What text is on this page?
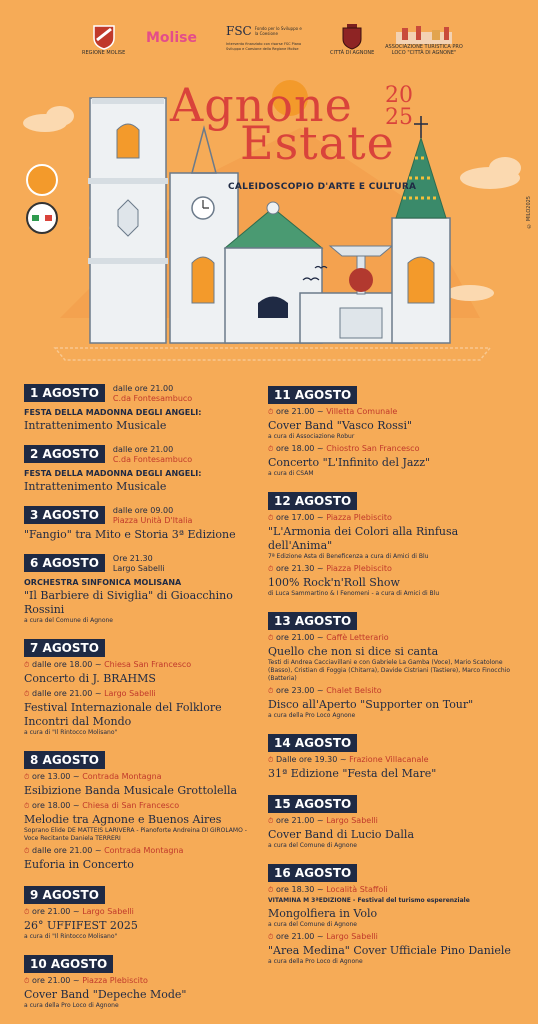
REGIONE MOLISE
Molise FSC Fondo per lo Sviluppo e la Coesione
Intervento finanziato con risorse FSC Piano Sviluppo e Coesione della Regione Molise
CITTÀ DI AGNONE
ASSOCIAZIONE TURISTICA PRO LOCO "CITTÀ DI AGNONE"
Agnone
Estate
20
25
CALEIDOSCOPIO D'ARTE E CULTURA
© MILO2025
1 AGOSTO	dalle ore 21.00
C.da Fontesambuco
FESTA DELLA MADONNA DEGLI ANGELI:
Intrattenimento Musicale
2 AGOSTO	dalle ore 21.00
C.da Fontesambuco
FESTA DELLA MADONNA DEGLI ANGELI:
Intrattenimento Musicale
3 AGOSTO	dalle ore 09.00
Piazza Unità D'Italia
"Fangio" tra Mito e Storia 3ª Edizione
6 AGOSTO	Ore 21.30
Largo Sabelli
ORCHESTRA SINFONICA MOLISANA
"Il Barbiere di Siviglia" di Gioacchino Rossini
a cura del Comune di Agnone
7 AGOSTO
⏱ dalle ore 18.00 ~ Chiesa San Francesco
Concerto di J. BRAHMS
⏱ dalle ore 21.00 ~ Largo Sabelli
Festival Internazionale del Folklore Incontri dal Mondo
a cura di "Il Rintocco Molisano"
8 AGOSTO
⏱ ore 13.00 ~ Contrada Montagna
Esibizione Banda Musicale Grottolella
⏱ ore 18.00 ~ Chiesa di San Francesco
Melodie tra Agnone e Buenos Aires
Soprano Elide DE MATTEIS LARIVERA - Pianoforte Andreina DI GIROLAMO - Voce Recitante Daniela TERRERI
⏱ dalle ore 21.00 ~ Contrada Montagna
Euforia in Concerto
9 AGOSTO
⏱ ore 21.00 ~ Largo Sabelli
26° UFFIFEST 2025
a cura di "Il Rintocco Molisano"
10 AGOSTO
⏱ ore 21.00 ~ Piazza Plebiscito
Cover Band "Depeche Mode"
a cura della Pro Loco di Agnone
11 AGOSTO
⏱ ore 21.00 ~ Villetta Comunale
Cover Band "Vasco Rossi"
a cura di Associazione Robur
⏱ ore 18.00 ~ Chiostro San Francesco
Concerto "L'Infinito del Jazz"
a cura di CSAM
12 AGOSTO
⏱ ore 17.00 ~ Piazza Plebiscito
"L'Armonia dei Colori alla Rinfusa dell'Anima"
7ª Edizione Asta di Beneficenza a cura di Amici di Blu
⏱ ore 21.30 ~ Piazza Plebiscito
100% Rock'n'Roll Show
di Luca Sammartino & I Fenomeni - a cura di Amici di Blu
13 AGOSTO
⏱ ore 21.00 ~ Caffè Letterario
Quello che non si dice si canta
Testi di Andrea Cacciavillani e con Gabriele La Gamba (Voce), Mario Scatolone (Basso), Cristian di Foggia (Chitarra), Davide Cistriani (Tastiere), Marco Finocchio (Batteria)
⏱ ore 23.00 ~ Chalet Belsito
Disco all'Aperto "Supporter on Tour"
a cura della Pro Loco Agnone
14 AGOSTO
⏱ Dalle ore 19.30 ~ Frazione Villacanale
31ª Edizione "Festa del Mare"
15 AGOSTO
⏱ ore 21.00 ~ Largo Sabelli
Cover Band di Lucio Dalla
a cura del Comune di Agnone
16 AGOSTO
⏱ ore 18.30 ~ Località Staffoli
VITAMINA M 3ªEDIZIONE - Festival del turismo esperenziale
Mongolfiera in Volo
a cura del Comune di Agnone
⏱ ore 21.00 ~ Largo Sabelli
"Area Medina" Cover Ufficiale Pino Daniele
a cura della Pro Loco di Agnone
